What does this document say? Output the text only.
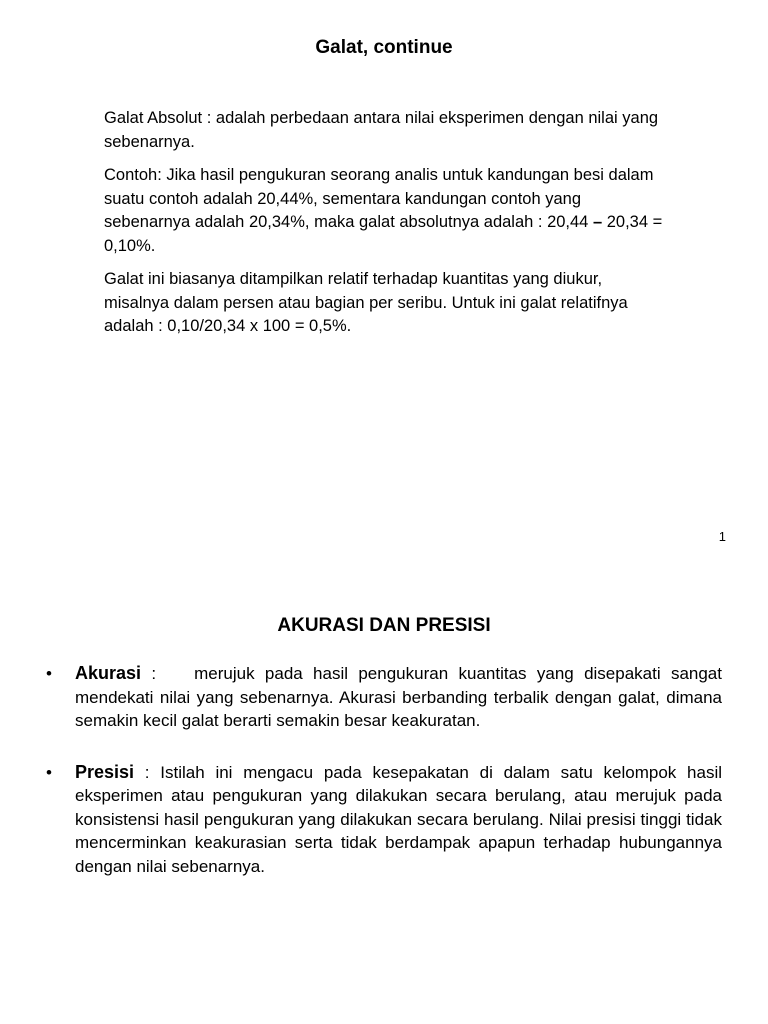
Galat, continue

Galat Absolut : adalah perbedaan antara nilai eksperimen dengan nilai yang sebenarnya.

Contoh: Jika hasil pengukuran seorang analis untuk kandungan besi dalam suatu contoh adalah 20,44%, sementara kandungan contoh yang sebenarnya adalah 20,34%, maka galat absolutnya adalah : 20,44 – 20,34 = 0,10%.

Galat ini biasanya ditampilkan relatif terhadap kuantitas yang diukur, misalnya dalam persen atau bagian per seribu. Untuk ini galat relatifnya adalah : 0,10/20,34 x 100 = 0,5%.

1
AKURASI DAN PRESISI
• Akurasi : merujuk pada hasil pengukuran kuantitas yang disepakati sangat mendekati nilai yang sebenarnya. Akurasi berbanding terbalik dengan galat, dimana semakin kecil galat berarti semakin besar keakuratan.
• Presisi : Istilah ini mengacu pada kesepakatan di dalam satu kelompok hasil eksperimen atau pengukuran yang dilakukan secara berulang, atau merujuk pada konsistensi hasil pengukuran yang dilakukan secara berulang. Nilai presisi tinggi tidak mencerminkan keakurasian serta tidak berdampak apapun terhadap hubungannya dengan nilai sebenarnya.
